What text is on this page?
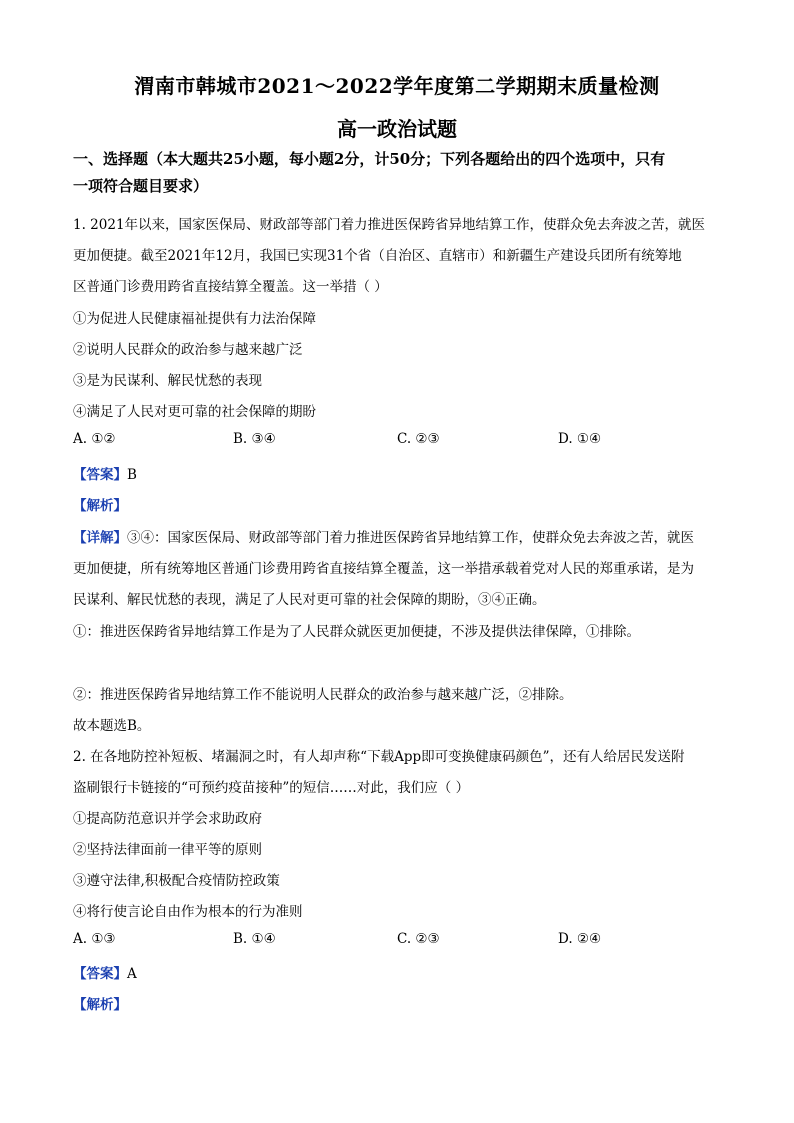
渭南市韩城市2021～2022学年度第二学期期末质量检测
高一政治试题
一、选择题（本大题共25小题，每小题2分，计50分；下列各题给出的四个选项中，只有
一项符合题目要求）
1. 2021年以来，国家医保局、财政部等部门着力推进医保跨省异地结算工作，使群众免去奔波之苦，就医
更加便捷。截至2021年12月，我国已实现31个省（自治区、直辖市）和新疆生产建设兵团所有统筹地
区普通门诊费用跨省直接结算全覆盖。这一举措（ ）
①为促进人民健康福祉提供有力法治保障
②说明人民群众的政治参与越来越广泛
③是为民谋利、解民忧愁的表现
④满足了人民对更可靠的社会保障的期盼
A. ①②	B. ③④	C. ②③	D. ①④
【答案】B
【解析】
【详解】③④：国家医保局、财政部等部门着力推进医保跨省异地结算工作，使群众免去奔波之苦，就医
更加便捷，所有统筹地区普通门诊费用跨省直接结算全覆盖，这一举措承载着党对人民的郑重承诺，是为
民谋利、解民忧愁的表现，满足了人民对更可靠的社会保障的期盼，③④正确。
①：推进医保跨省异地结算工作是为了人民群众就医更加便捷，不涉及提供法律保障，①排除。
②：推进医保跨省异地结算工作不能说明人民群众的政治参与越来越广泛，②排除。
故本题选B。
2. 在各地防控补短板、堵漏洞之时，有人却声称“下载App即可变换健康码颜色”，还有人给居民发送附
盗刷银行卡链接的“可预约疫苗接种”的短信……对此，我们应（ ）
①提高防范意识并学会求助政府
②坚持法律面前一律平等的原则
③遵守法律,积极配合疫情防控政策
④将行使言论自由作为根本的行为准则
A. ①③	B. ①④	C. ②③	D. ②④
【答案】A
【解析】
